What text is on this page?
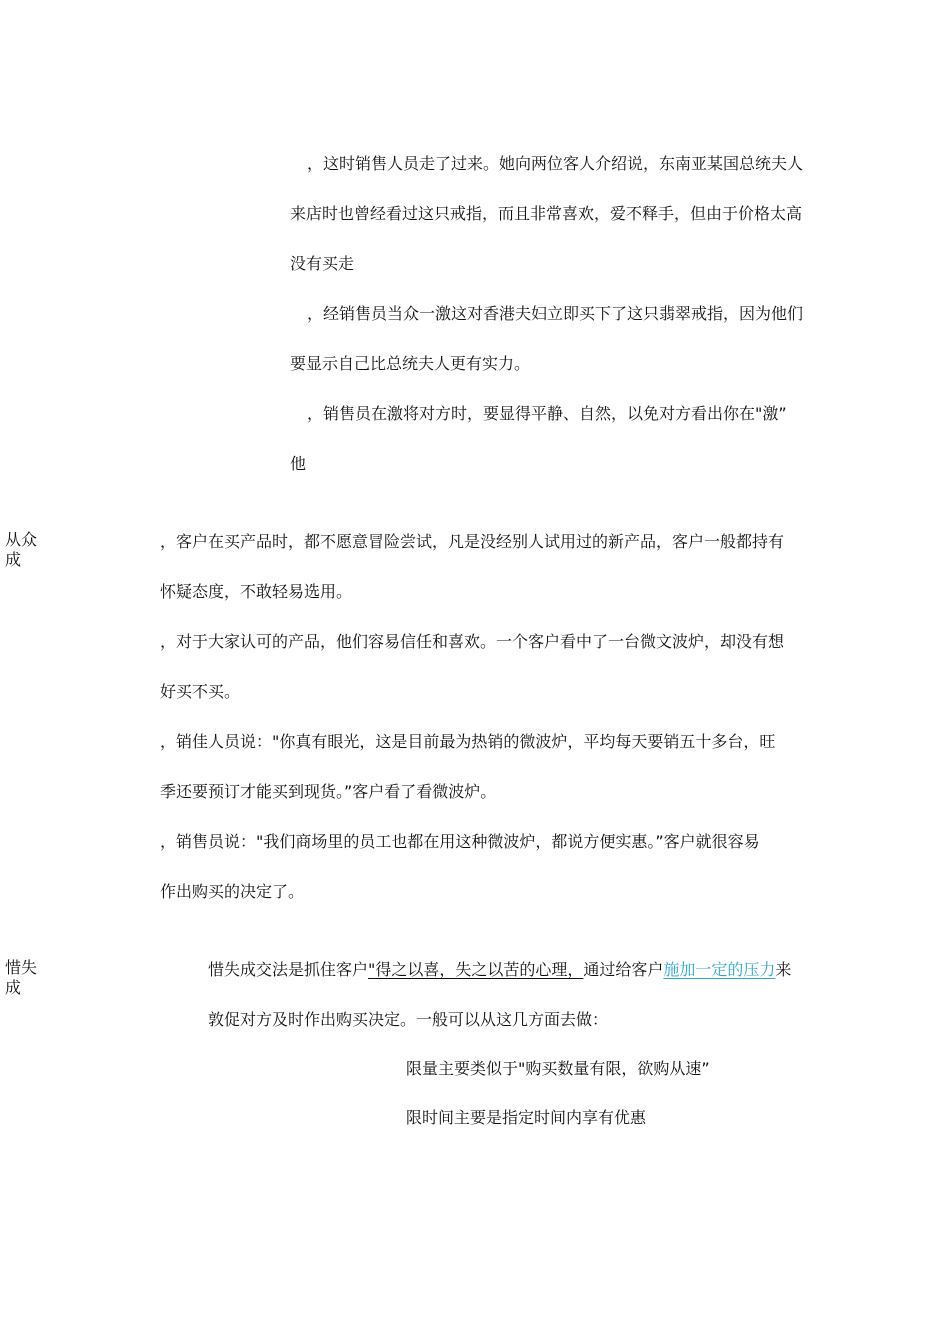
，这时销售人员走了过来。她向两位客人介绍说，东南亚某国总统夫人
来店时也曾经看过这只戒指，而且非常喜欢，爱不释手，但由于价格太高
没有买走
，经销售员当众一激这对香港夫妇立即买下了这只翡翠戒指，因为他们
要显示自己比总统夫人更有实力。
，销售员在激将对方时，要显得平静、自然，以免对方看出你在"激”
他
从众
成
，客户在买产品时，都不愿意冒险尝试，凡是没经别人试用过的新产品，客户一般都持有
怀疑态度，不敢轻易选用。
，对于大家认可的产品，他们容易信任和喜欢。一个客户看中了一台微文波炉，却没有想
好买不买。
，销佳人员说："你真有眼光，这是目前最为热销的微波炉，平均每天要销五十多台，旺
季还要预订才能买到现货。”客户看了看微波炉。
，销售员说："我们商场里的员工也都在用这种微波炉，都说方便实惠。”客户就很容易
作出购买的决定了。
惜失
成
惜失成交法是抓住客户"得之以喜，失之以苦的心理，通过给客户施加一定的压力来
敦促对方及时作出购买决定。一般可以从这几方面去做：
限量主要类似于"购买数量有限，欲购从速”
限时间主要是指定时间内享有优惠
